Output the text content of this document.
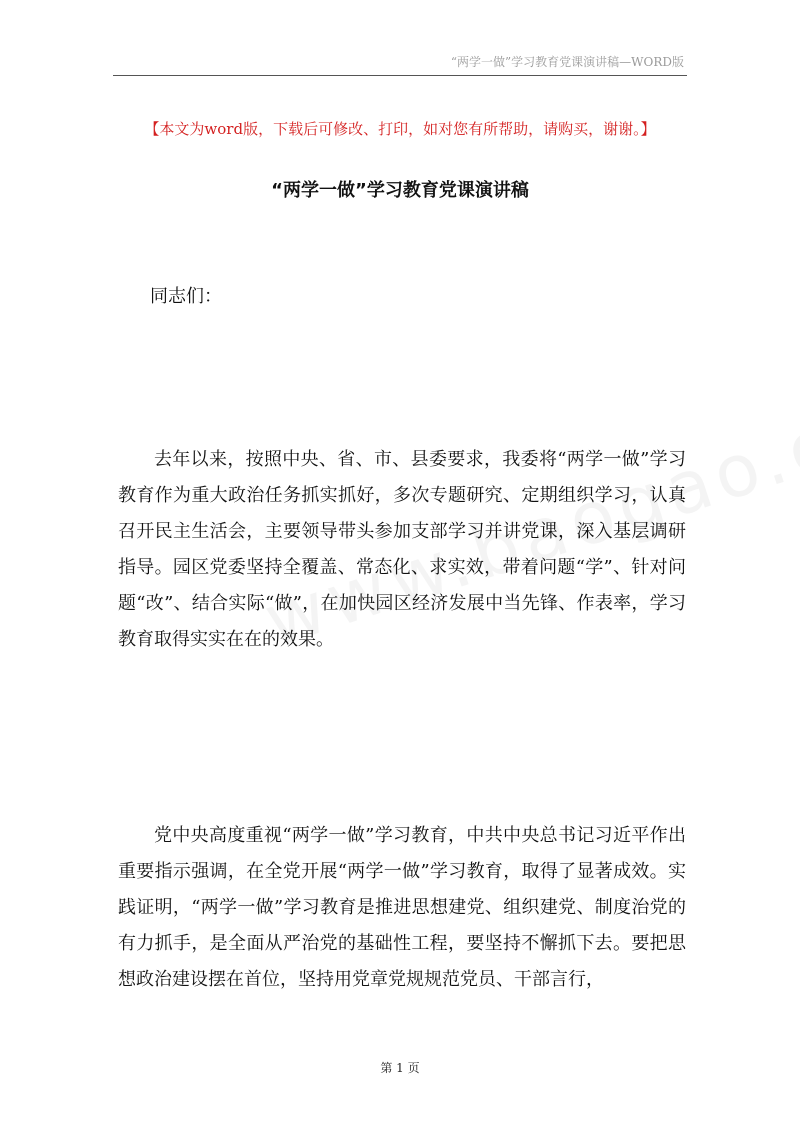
“两学一做”学习教育党课演讲稿—WORD版
【本文为word版，下载后可修改、打印，如对您有所帮助，请购买，谢谢。】
“两学一做”学习教育党课演讲稿
同志们：

去年以来，按照中央、省、市、县委要求，我委将“两学一做”学习教育作为重大政治任务抓实抓好，多次专题研究、定期组织学习，认真召开民主生活会，主要领导带头参加支部学习并讲党课，深入基层调研指导。园区党委坚持全覆盖、常态化、求实效，带着问题“学”、针对问题“改”、结合实际“做”，在加快园区经济发展中当先锋、作表率，学习教育取得实实在在的效果。

党中央高度重视“两学一做”学习教育，中共中央总书记习近平作出重要指示强调，在全党开展“两学一做”学习教育，取得了显著成效。实践证明，“两学一做”学习教育是推进思想建党、组织建党、制度治党的有力抓手，是全面从严治党的基础性工程，要坚持不懈抓下去。要把思想政治建设摆在首位，坚持用党章党规规范党员、干部言行，

第 1 页
